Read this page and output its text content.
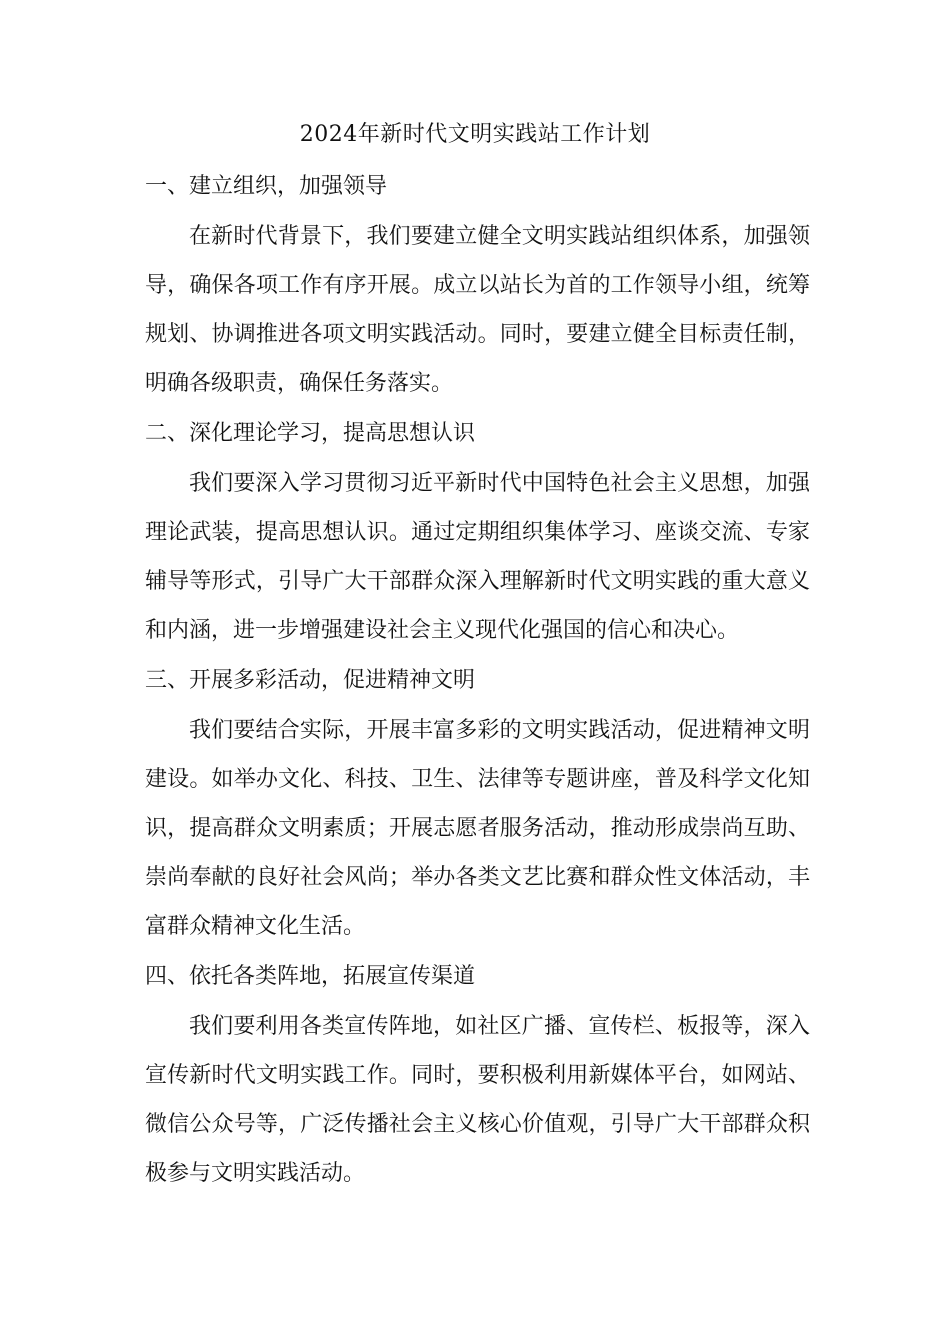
2024年新时代文明实践站工作计划
一、建立组织，加强领导
在新时代背景下，我们要建立健全文明实践站组织体系，加强领
导，确保各项工作有序开展。成立以站长为首的工作领导小组，统筹
规划、协调推进各项文明实践活动。同时，要建立健全目标责任制，
明确各级职责，确保任务落实。
二、深化理论学习，提高思想认识
我们要深入学习贯彻习近平新时代中国特色社会主义思想，加强
理论武装，提高思想认识。通过定期组织集体学习、座谈交流、专家
辅导等形式，引导广大干部群众深入理解新时代文明实践的重大意义
和内涵，进一步增强建设社会主义现代化强国的信心和决心。
三、开展多彩活动，促进精神文明
我们要结合实际，开展丰富多彩的文明实践活动，促进精神文明
建设。如举办文化、科技、卫生、法律等专题讲座，普及科学文化知
识，提高群众文明素质；开展志愿者服务活动，推动形成崇尚互助、
崇尚奉献的良好社会风尚；举办各类文艺比赛和群众性文体活动，丰
富群众精神文化生活。
四、依托各类阵地，拓展宣传渠道
我们要利用各类宣传阵地，如社区广播、宣传栏、板报等，深入
宣传新时代文明实践工作。同时，要积极利用新媒体平台，如网站、
微信公众号等，广泛传播社会主义核心价值观，引导广大干部群众积
极参与文明实践活动。
